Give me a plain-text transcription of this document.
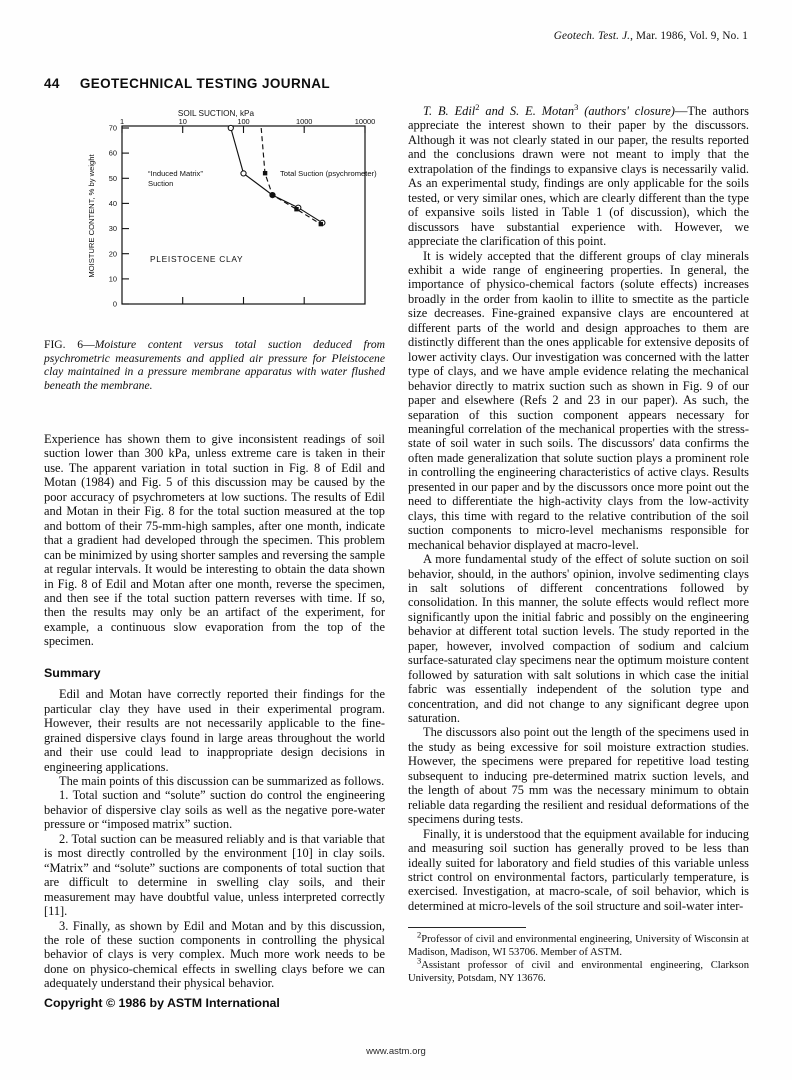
Geotech. Test. J., Mar. 1986, Vol. 9, No. 1
44 GEOTECHNICAL TESTING JOURNAL
SOIL SUCTION, kPa
1	10	100	1000	10000
0
10
20
30
40
50
60
70
MOISTURE CONTENT, % by weight	“Induced Matrix”
Suction
Total Suction (psychrometer)
PLEISTOCENE CLAY
FIG. 6—Moisture content versus total suction deduced from psychrometric measurements and applied air pressure for Pleistocene clay maintained in a pressure membrane apparatus with water flushed beneath the membrane.

Experience has shown them to give inconsistent readings of soil suction lower than 300 kPa, unless extreme care is taken in their use. The apparent variation in total suction in Fig. 8 of Edil and Motan (1984) and Fig. 5 of this discussion may be caused by the poor accuracy of psychrometers at low suctions. The results of Edil and Motan in their Fig. 8 for the total suction measured at the top and bottom of their 75-mm-high samples, after one month, indicate that a gradient had developed through the specimen. This problem can be minimized by using shorter samples and reversing the sample at regular intervals. It would be interesting to obtain the data shown in Fig. 8 of Edil and Motan after one month, reverse the specimen, and then see if the total suction pattern reverses with time. If so, then the results may only be an artifact of the experiment, for example, a continuous slow evaporation from the top of the specimen.

Summary

Edil and Motan have correctly reported their findings for the particular clay they have used in their experimental program. However, their results are not necessarily applicable to the fine-grained dispersive clays found in large areas throughout the world and their use could lead to inappropriate design decisions in engineering applications.

The main points of this discussion can be summarized as follows.

1. Total suction and “solute” suction do control the engineering behavior of dispersive clay soils as well as the negative pore-water pressure or “imposed matrix” suction.

2. Total suction can be measured reliably and is that variable that is most directly controlled by the environment [10] in clay soils. “Matrix” and “solute” suctions are components of total suction that are difficult to determine in swelling clay soils, and their measurement may have doubtful value, unless interpreted correctly [11].

3. Finally, as shown by Edil and Motan and by this discussion, the role of these suction components in controlling the physical behavior of clays is very complex. Much more work needs to be done on physico-chemical effects in swelling clays before we can adequately understand their physical behavior.

Copyright © 1986 by ASTM International

T. B. Edil$^2$ and S. E. Motan$^3$ (authors' closure)—The authors appreciate the interest shown to their paper by the discussors. Although it was not clearly stated in our paper, the results reported and the conclusions drawn were not meant to imply that the extrapolation of the findings to expansive clays is necessarily valid. As an experimental study, findings are only applicable for the soils tested, or very similar ones, which are clearly different than the type of expansive soils listed in Table 1 (of discussion), which the discussors have substantial experience with. However, we appreciate the clarification of this point.

It is widely accepted that the different groups of clay minerals exhibit a wide range of engineering properties. In general, the importance of physico-chemical factors (solute effects) increases broadly in the order from kaolin to illite to smectite as the particle size decreases. Fine-grained expansive clays are encountered at different parts of the world and design approaches to them are distinctly different than the ones applicable for extensive deposits of lower activity clays. Our investigation was concerned with the latter type of clays, and we have ample evidence relating the mechanical behavior directly to matrix suction such as shown in Fig. 9 of our paper and elsewhere (Refs 2 and 23 in our paper). As such, the separation of this suction component appears necessary for meaningful correlation of the mechanical properties with the stress-state of soil water in such soils. The discussors' data confirms the often made generalization that solute suction plays a prominent role in controlling the engineering characteristics of active clays. Results presented in our paper and by the discussors once more point out the need to differentiate the high-activity clays from the low-activity clays, this time with regard to the relative contribution of the soil suction components to micro-level mechanisms responsible for mechanical behavior displayed at macro-level.

A more fundamental study of the effect of solute suction on soil behavior, should, in the authors' opinion, involve sedimenting clays in salt solutions of different concentrations followed by consolidation. In this manner, the solute effects would reflect more significantly upon the initial fabric and possibly on the engineering behavior at different total suction levels. The study reported in the paper, however, involved compaction of sodium and calcium surface-saturated clay specimens near the optimum moisture content followed by saturation with salt solutions in which case the initial fabric was essentially independent of the solution type and concentration, and did not change to any significant degree upon saturation.

The discussors also point out the length of the specimens used in the study as being excessive for soil moisture extraction studies. However, the specimens were prepared for repetitive load testing subsequent to inducing pre-determined matrix suction levels, and the length of about 75 mm was the necessary minimum to obtain reliable data regarding the resilient and residual deformations of the specimens during tests.

Finally, it is understood that the equipment available for inducing and measuring soil suction has generally proved to be less than ideally suited for laboratory and field studies of this variable unless strict control on environmental factors, particularly temperature, is exercised. Investigation, at macro-scale, of soil behavior, which is determined at micro-levels of the soil structure and soil-water inter-

$^2$Professor of civil and environmental engineering, University of Wisconsin at Madison, Madison, WI 53706. Member of ASTM.

$^3$Assistant professor of civil and environmental engineering, Clarkson University, Potsdam, NY 13676.

www.astm.org
